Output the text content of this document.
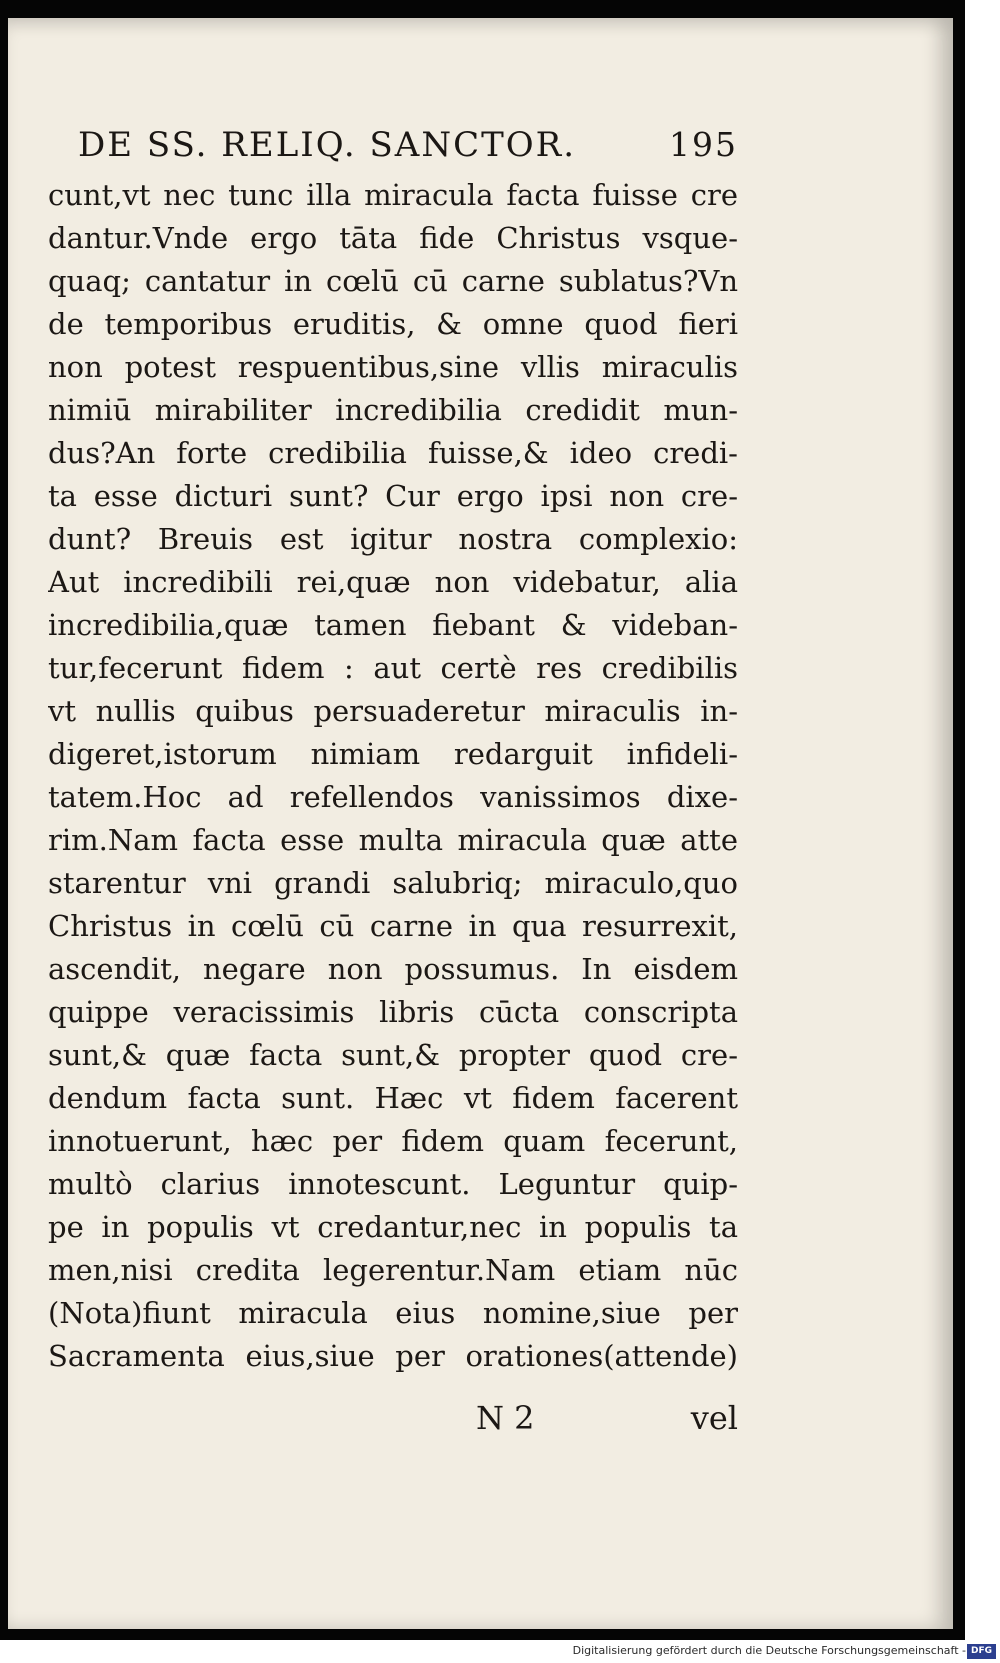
DE SS. RELIQ. SANCTOR.	195
cunt,vt nec tunc illa miracula facta fuisse cre
dantur.Vnde ergo tāta fide Christus vsque-
quaq; cantatur in cœlū cū carne sublatus?Vn
de temporibus eruditis, & omne quod fieri
non potest respuentibus,sine vllis miraculis
nimiū mirabiliter incredibilia credidit mun-
dus?An forte credibilia fuisse,& ideo credi-
ta esse dicturi sunt? Cur ergo ipsi non cre-
dunt? Breuis est igitur nostra complexio:
Aut incredibili rei,quæ non videbatur, alia
incredibilia,quæ tamen fiebant & videban-
tur,fecerunt fidem : aut certè res credibilis
vt nullis quibus persuaderetur miraculis in-
digeret,istorum nimiam redarguit infideli-
tatem.Hoc ad refellendos vanissimos dixe-
rim.Nam facta esse multa miracula quæ atte
starentur vni grandi salubriq; miraculo,quo
Christus in cœlū cū carne in qua resurrexit,
ascendit, negare non possumus. In eisdem
quippe veracissimis libris cūcta conscripta
sunt,& quæ facta sunt,& propter quod cre-
dendum facta sunt. Hæc vt fidem facerent
innotuerunt, hæc per fidem quam fecerunt,
multò clarius innotescunt. Leguntur quip-
pe in populis vt credantur,nec in populis ta
men,nisi credita legerentur.Nam etiam nūc
(Nota)fiunt miracula eius nomine,siue per
Sacramenta eius,siue per orationes(attende)
N 2	vel
Digitalisierung gefördert durch die Deutsche Forschungsgemeinschaft - DFG
